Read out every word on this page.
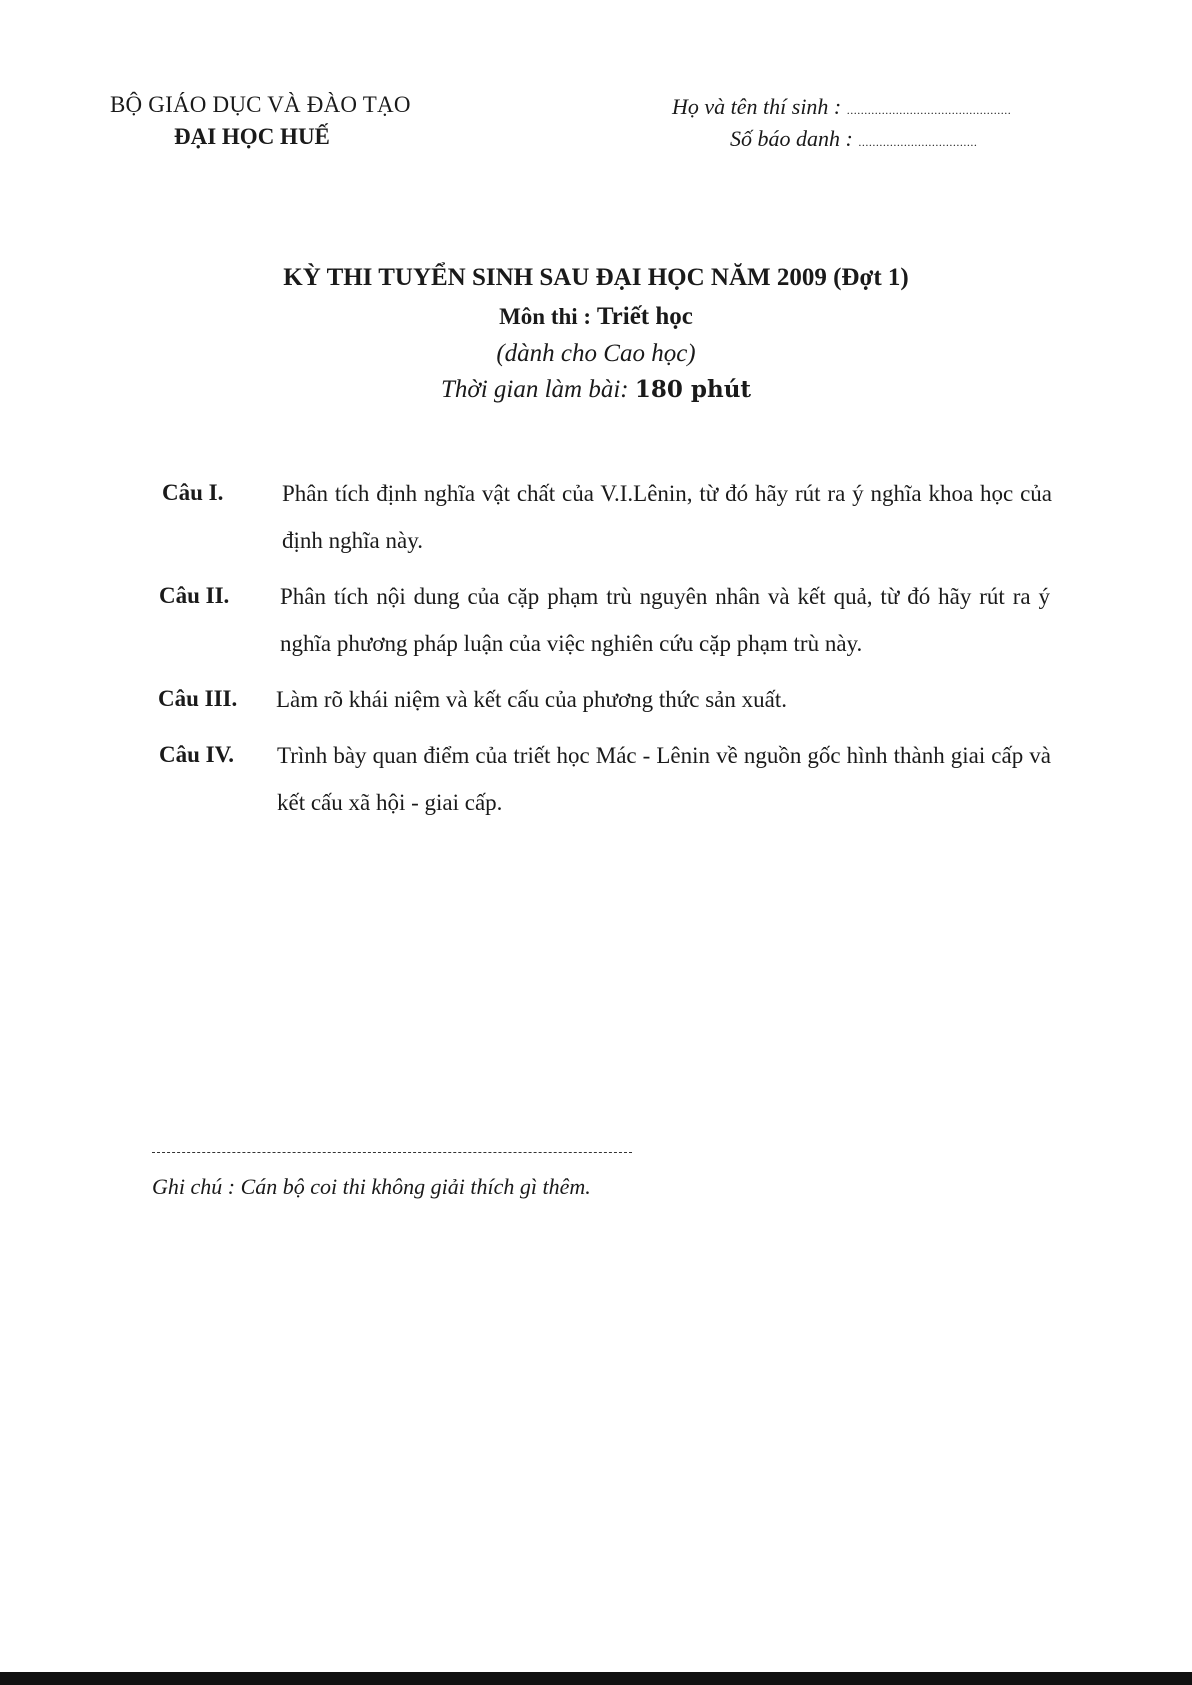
BỘ GIÁO DỤC VÀ ĐÀO TẠO
ĐẠI HỌC HUẾ
Họ và tên thí sinh : ...............................................
Số báo danh : ..................................
KỲ THI TUYỂN SINH SAU ĐẠI HỌC NĂM 2009 (Đợt 1)
Môn thi : Triết học
(dành cho Cao học)
Thời gian làm bài: 180 phút
Câu I.	Phân tích định nghĩa vật chất của V.I.Lênin, từ đó hãy rút ra ý nghĩa khoa học của định nghĩa này.
Câu II. Phân tích nội dung của cặp phạm trù nguyên nhân và kết quả, từ đó hãy rút ra ý nghĩa phương pháp luận của việc nghiên cứu cặp phạm trù này.
Câu III. Làm rõ khái niệm và kết cấu của phương thức sản xuất.
Câu IV. Trình bày quan điểm của triết học Mác - Lênin về nguồn gốc hình thành giai cấp và kết cấu xã hội - giai cấp.
Ghi chú : Cán bộ coi thi không giải thích gì thêm.
